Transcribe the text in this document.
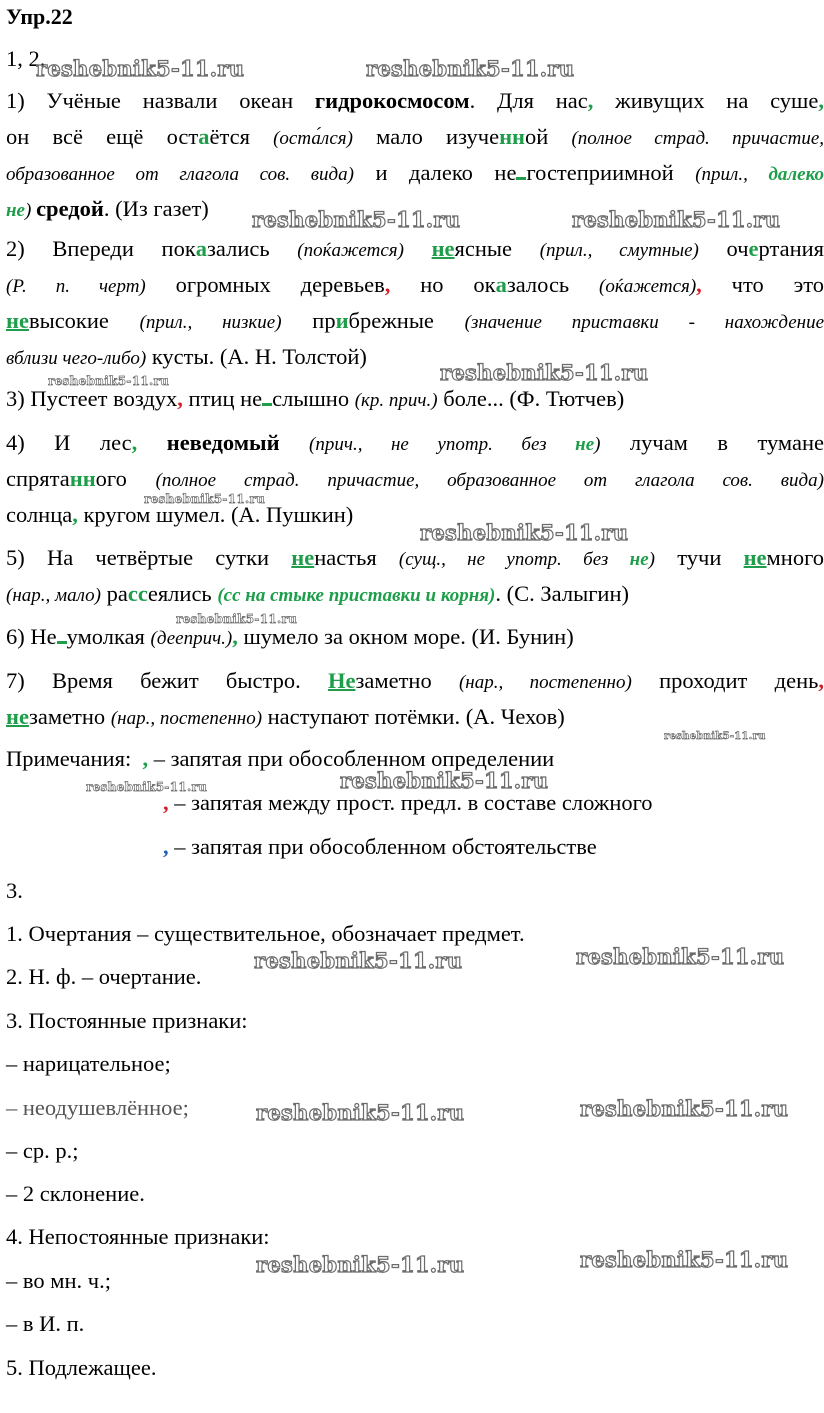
Упр.22
1, 2.
1) Учёные назвали океан гидрокосмосом. Для нас, живущих на суше,
он всё ещё остаётся (оста́лся) мало изученной (полное страд. причастие,
образованное от глагола сов. вида) и далеко не гостеприимной (прил., далеко
не) средой. (Из газет)
2) Впереди показались (поќажется) неясные (прил., смутные) очертания
(Р. п. черт) огромных деревьев, но оказалось (оќажется), что это
невысокие (прил., низкие) прибрежные (значение приставки - нахождение
вблизи чего-либо) кусты. (А. Н. Толстой)
3) Пустеет воздух, птиц не слышно (кр. прич.) боле... (Ф. Тютчев)
4) И лес, неведомый (прич., не употр. без не) лучам в тумане
спрятанного (полное страд. причастие, образованное от глагола сов. вида)
солнца, кругом шумел. (А. Пушкин)
5) На четвёртые сутки ненастья (сущ., не употр. без не) тучи немного
(нар., мало) рассеялись (сс на стыке приставки и корня). (С. Залыгин)
6) Не умолкая (дееприч.), шумело за окном море. (И. Бунин)
7) Время бежит быстро. Незаметно (нар., постепенно) проходит день,
незаметно (нар., постепенно) наступают потёмки. (А. Чехов)
Примечания: , – запятая при обособленном определении
, – запятая между прост. предл. в составе сложного
, – запятая при обособленном обстоятельстве
3.
1. Очертания – существительное, обозначает предмет.
2. Н. ф. – очертание.
3. Постоянные признаки:
– нарицательное;
– неодушевлённое;
– ср. р.;
– 2 склонение.
4. Непостоянные признаки:
– во мн. ч.;
– в И. п.
5. Подлежащее.
reshebnik5-11.ru	reshebnik5-11.ru
reshebnik5-11.ru	reshebnik5-11.ru
reshebnik5-11.ru
reshebnik5-11.ru
reshebnik5-11.ru
reshebnik5-11.ru
reshebnik5-11.ru
reshebnik5-11.ru
reshebnik5-11.ru
reshebnik5-11.ru
reshebnik5-11.ru	reshebnik5-11.ru
reshebnik5-11.ru	reshebnik5-11.ru
reshebnik5-11.ru	reshebnik5-11.ru
